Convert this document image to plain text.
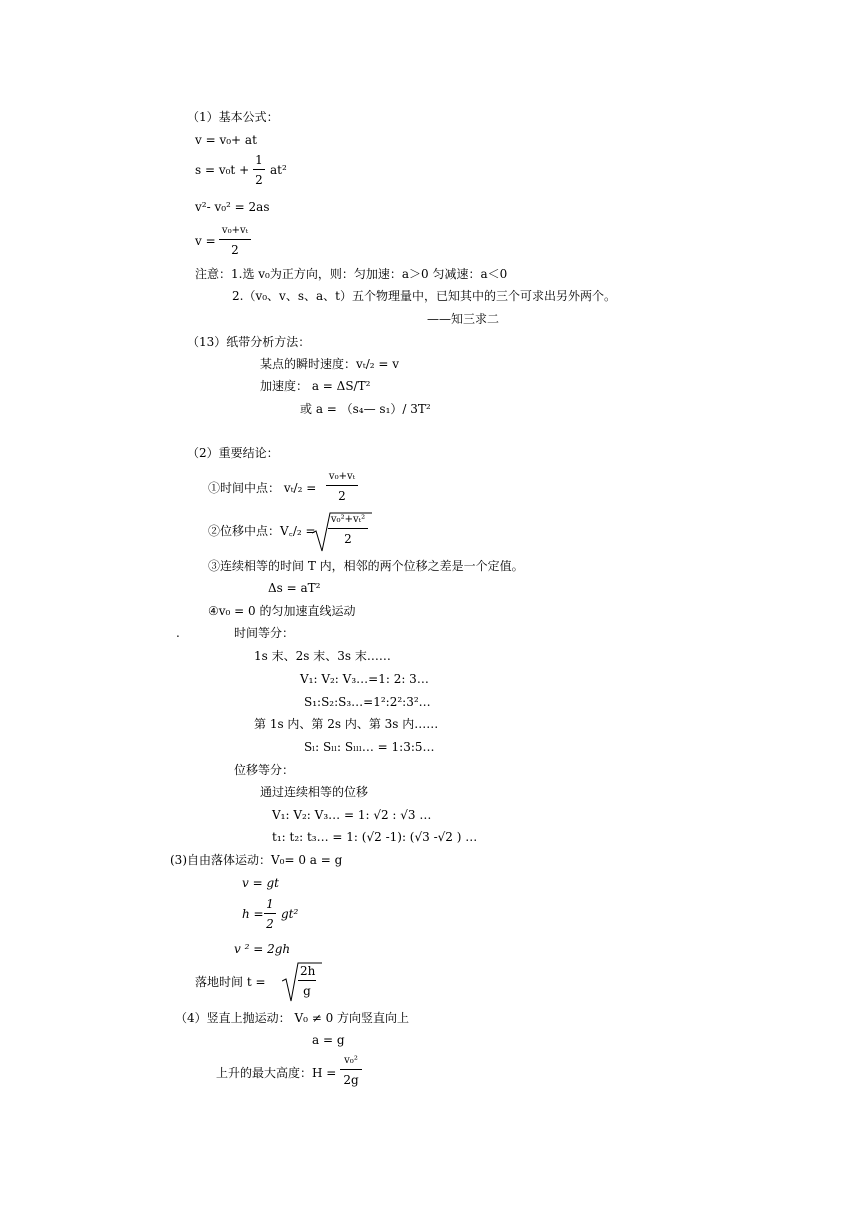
（1）基本公式：
v = v₀+ at
s = v₀t +
1
2
at²
v²- v₀² = 2as
v =
v₀+vₜ
2
注意：1.选 v₀为正方向，则：匀加速：a＞0 匀减速：a＜0
2.（v₀、v、s、a、t）五个物理量中，已知其中的三个可求出另外两个。
——知三求二
（13）纸带分析方法：
某点的瞬时速度：vₜ/₂ = v
加速度： a = ΔS/T²
或 a = （s₄— s₁）/ 3T²
（2）重要结论：
①时间中点： vₜ/₂ =
v₀+vₜ
2
②位移中点：V꜀/₂ =
v₀²+vₜ²
2
③连续相等的时间 T 内，相邻的两个位移之差是一个定值。
Δs = aT²
④v₀ = 0 的匀加速直线运动
.	时间等分：
1s 末、2s 末、3s 末……
V₁: V₂: V₃…=1: 2: 3…
S₁:S₂:S₃…=1²:2²:3²…
第 1s 内、第 2s 内、第 3s 内……
Sₗ: Sₗₗ: Sₗₗₗ… = 1:3:5…
位移等分：
通过连续相等的位移
V₁: V₂: V₃… = 1: √2 : √3 …
t₁: t₂: t₃… = 1: (√2 -1): (√3 -√2 ) …
(3)自由落体运动：V₀= 0 a = g
v = gt
h =
1
2
gt²
v ² = 2gh
落地时间 t =
2h
g
（4）竖直上抛运动： V₀ ≠ 0 方向竖直向上
a = g
上升的最大高度：H =
v₀²
2g
